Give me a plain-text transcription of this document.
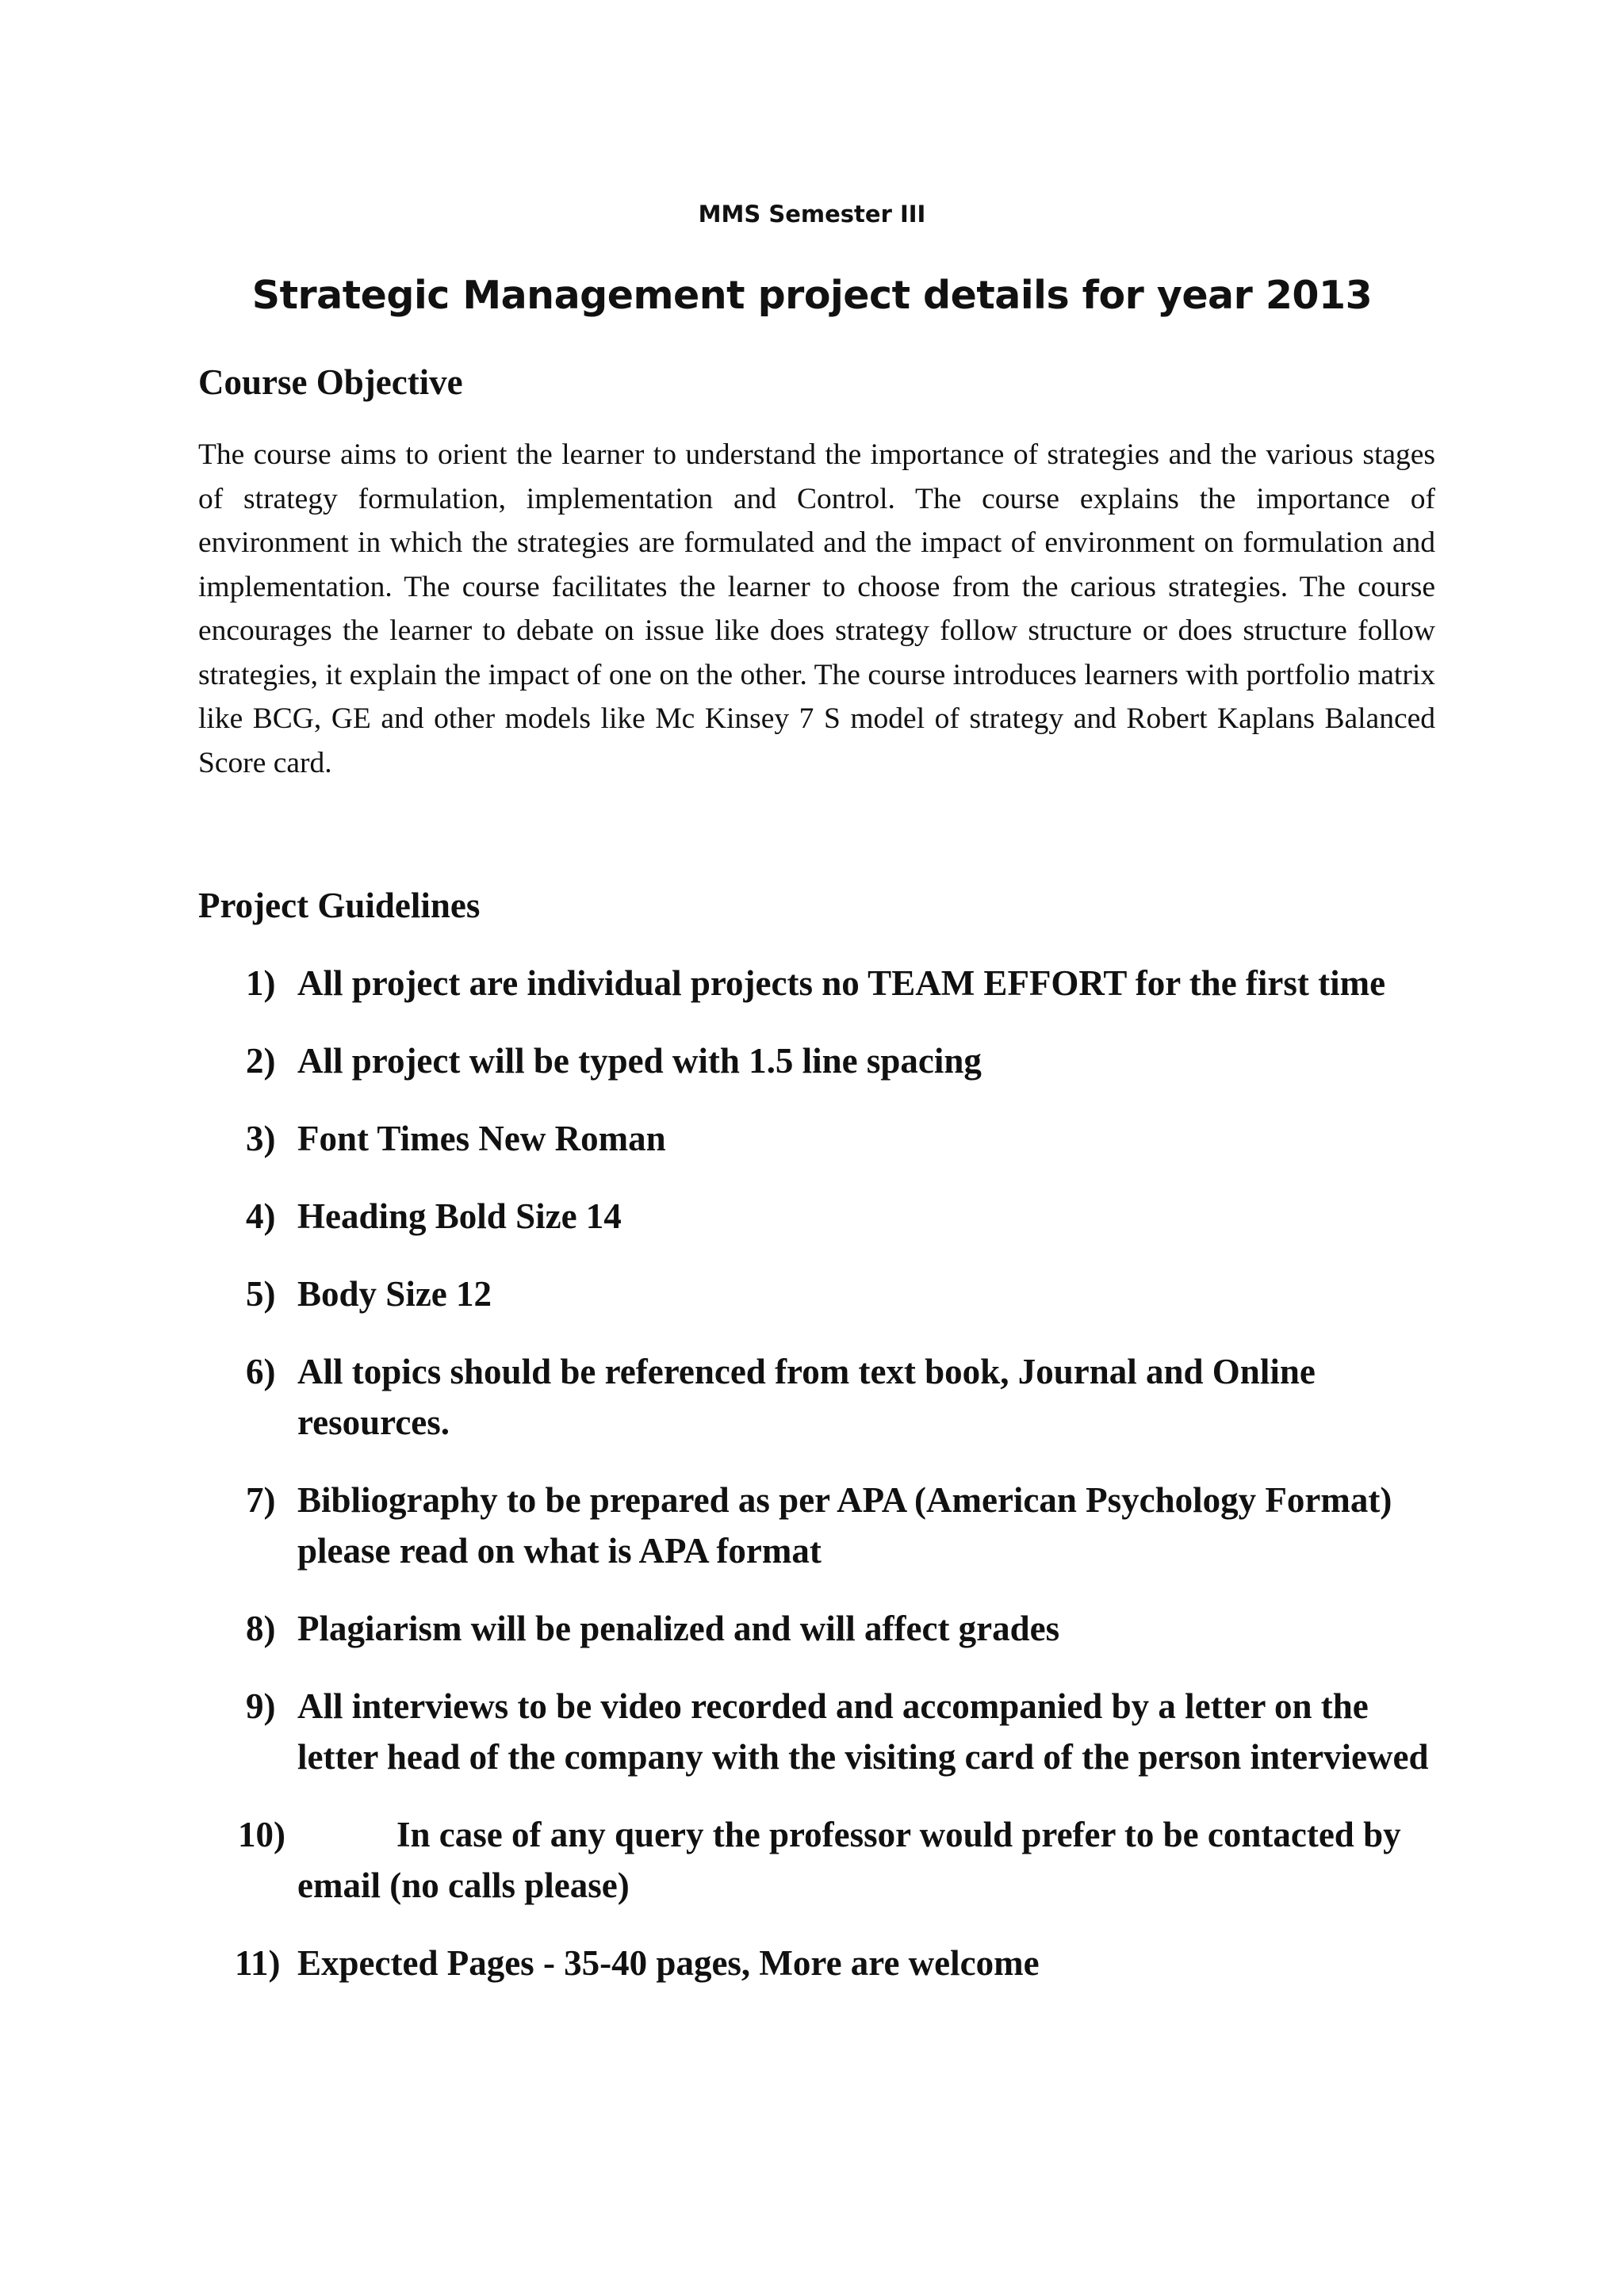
MMS Semester III
Strategic Management project details for year 2013
Course Objective

The course aims to orient the learner to understand the importance of strategies and the various stages of strategy formulation, implementation and Control. The course explains the importance of environment in which the strategies are formulated and the impact of environment on formulation and implementation. The course facilitates the learner to choose from the carious strategies. The course encourages the learner to debate on issue like does strategy follow structure or does structure follow strategies, it explain the impact of one on the other. The course introduces learners with portfolio matrix like BCG, GE and other models like Mc Kinsey 7 S model of strategy and Robert Kaplans Balanced Score card.

Project Guidelines
1) All project are individual projects no TEAM EFFORT for the first time
2) All project will be typed with 1.5 line spacing
3) Font Times New Roman
4) Heading Bold Size 14
5) Body Size 12
6) All topics should be referenced from text book, Journal and Online resources.
7) Bibliography to be prepared as per APA (American Psychology Format) please read on what is APA format
8) Plagiarism will be penalized and will affect grades
9) All interviews to be video recorded and accompanied by a letter on the letter head of the company with the visiting card of the person interviewed
10)	In case of any query the professor would prefer to be contacted by email (no calls please)
11) Expected Pages - 35-40 pages, More are welcome
